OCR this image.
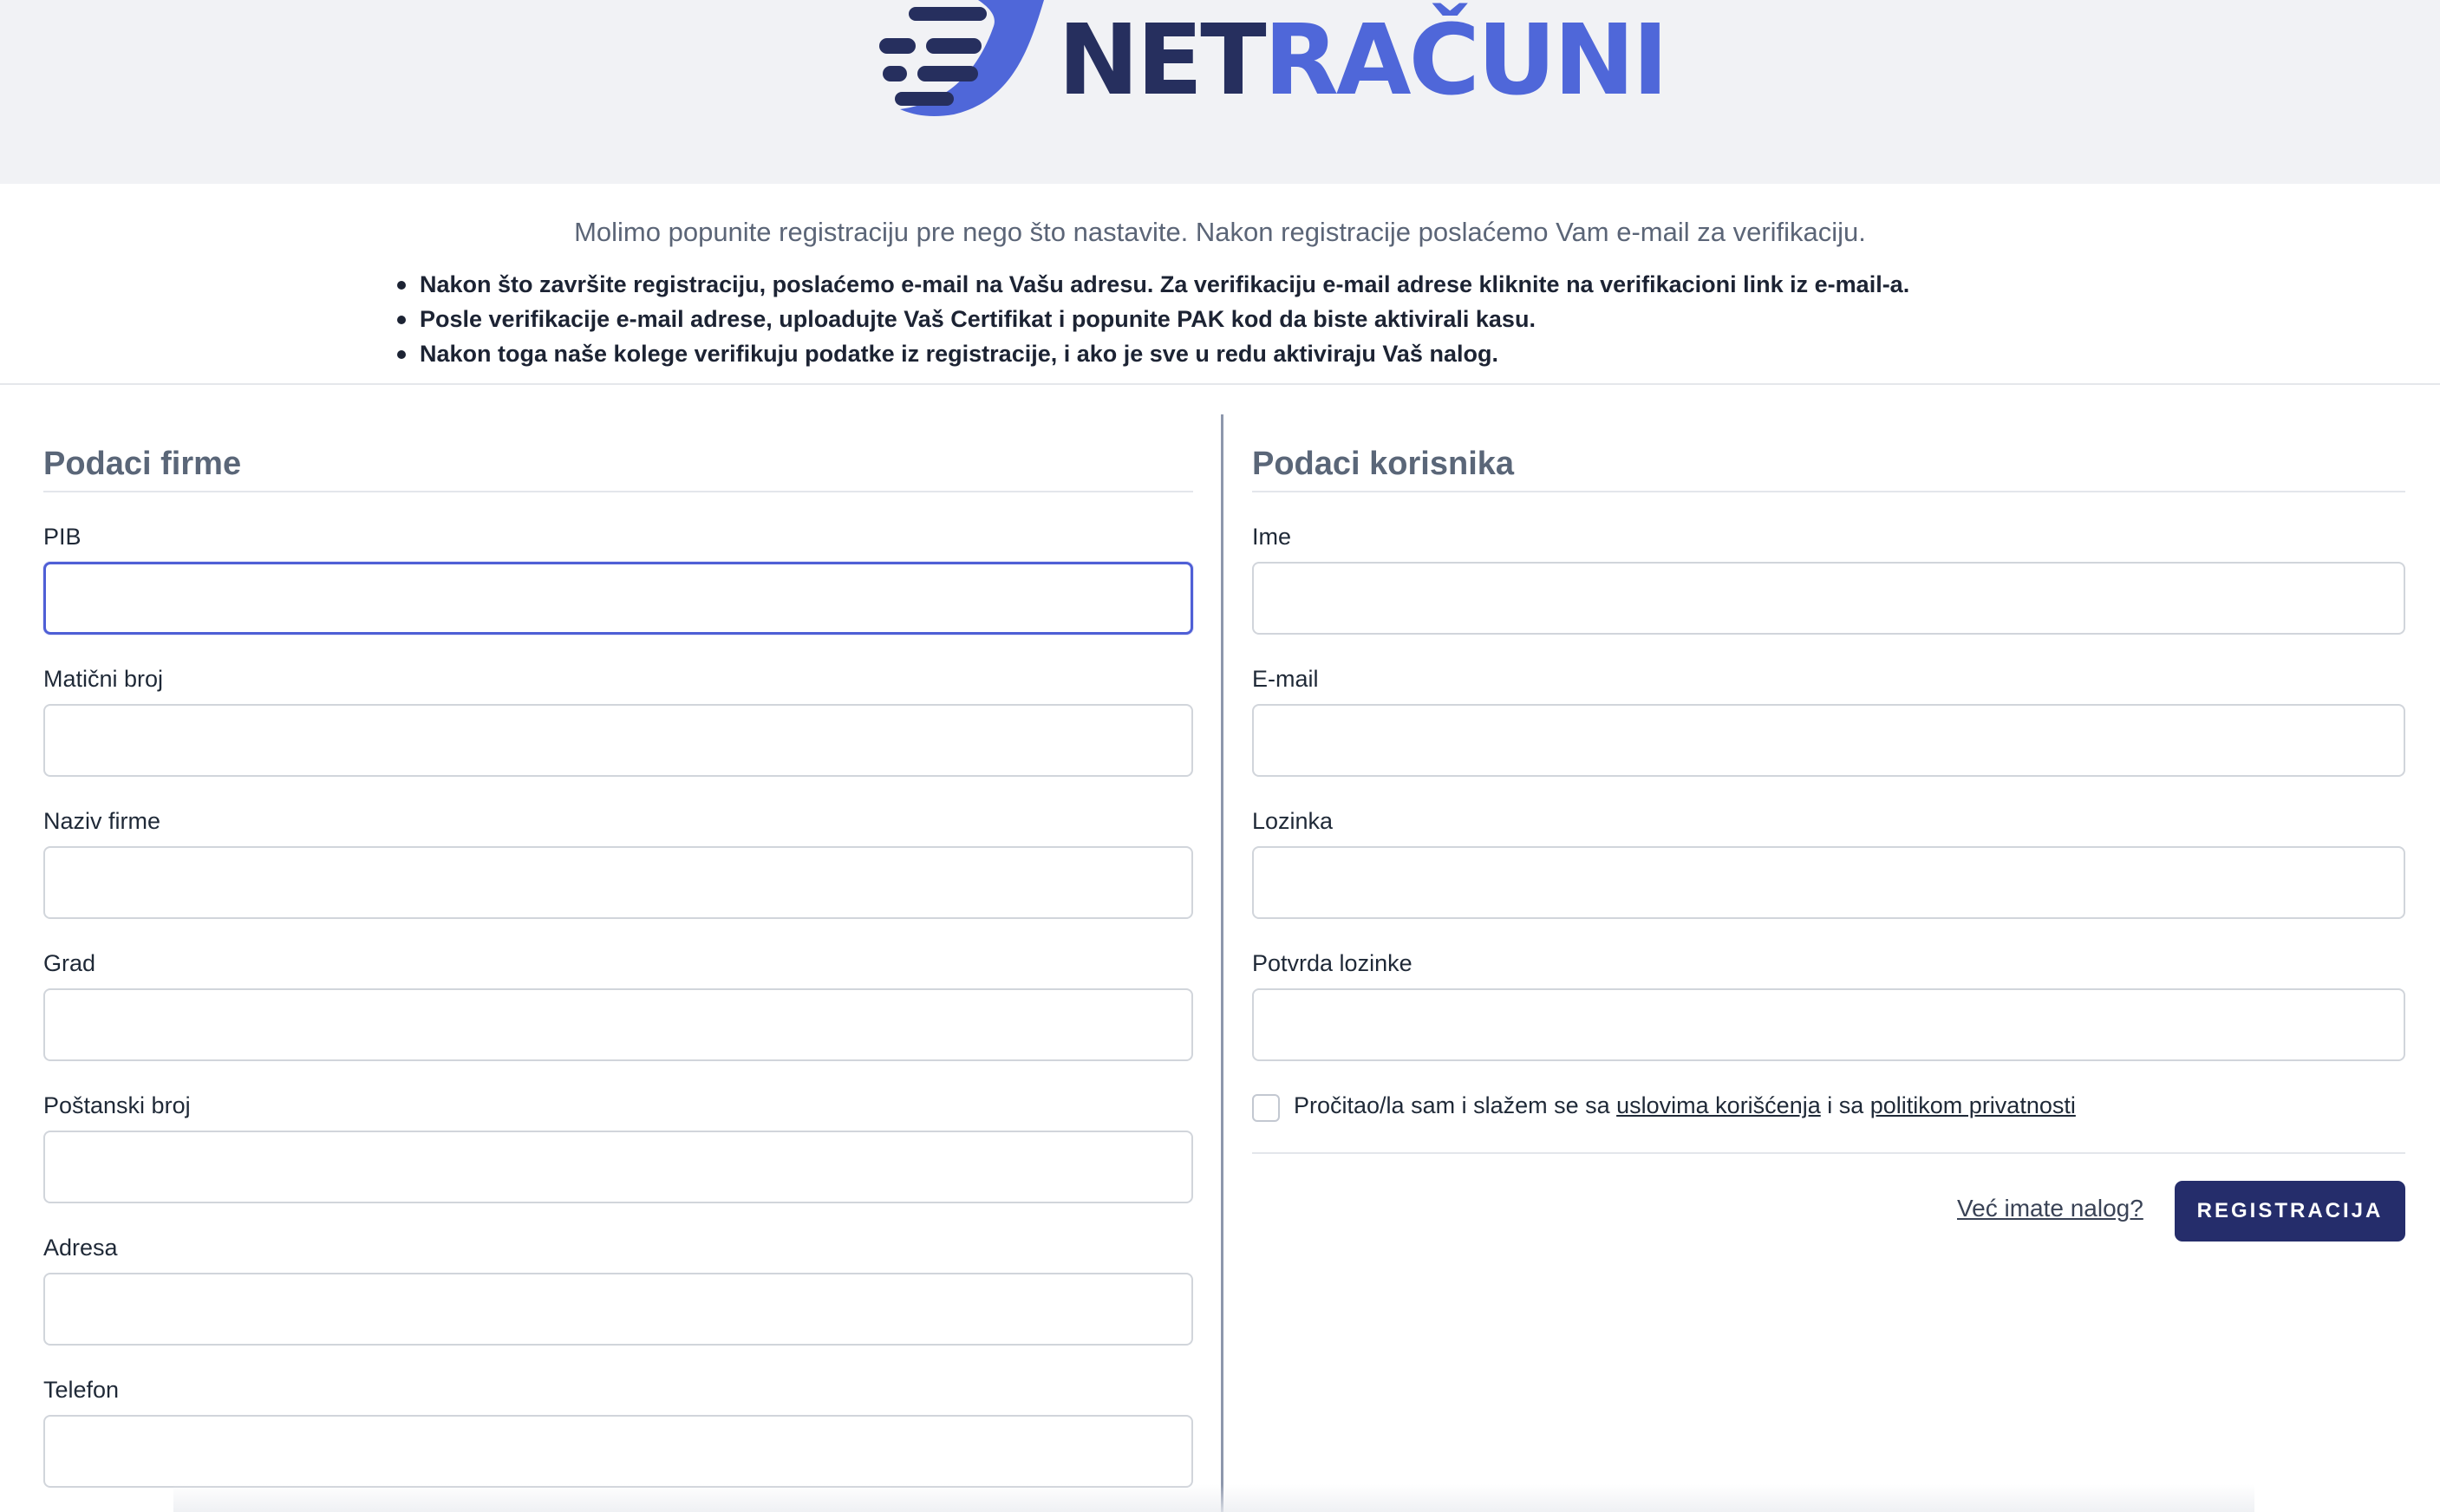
NETRAČUNI

Molimo popunite registraciju pre nego što nastavite. Nakon registracije poslaćemo Vam e-mail za verifikaciju.

Nakon što završite registraciju, poslaćemo e-mail na Vašu adresu. Za verifikaciju e-mail adrese kliknite na verifikacioni link iz e-mail-a.
Posle verifikacije e-mail adrese, uploadujte Vaš Certifikat i popunite PAK kod da biste aktivirali kasu.
Nakon toga naše kolege verifikuju podatke iz registracije, i ako je sve u redu aktiviraju Vaš nalog.
Podaci firme
PIB
Matični broj
Naziv firme
Grad
Poštanski broj
Adresa
Telefon
Podaci korisnika
Ime
E-mail
Lozinka
Potvrda lozinke
Pročitao/la sam i slažem se sa uslovima korišćenja i sa politikom privatnosti
Već imate nalog?	REGISTRACIJA
